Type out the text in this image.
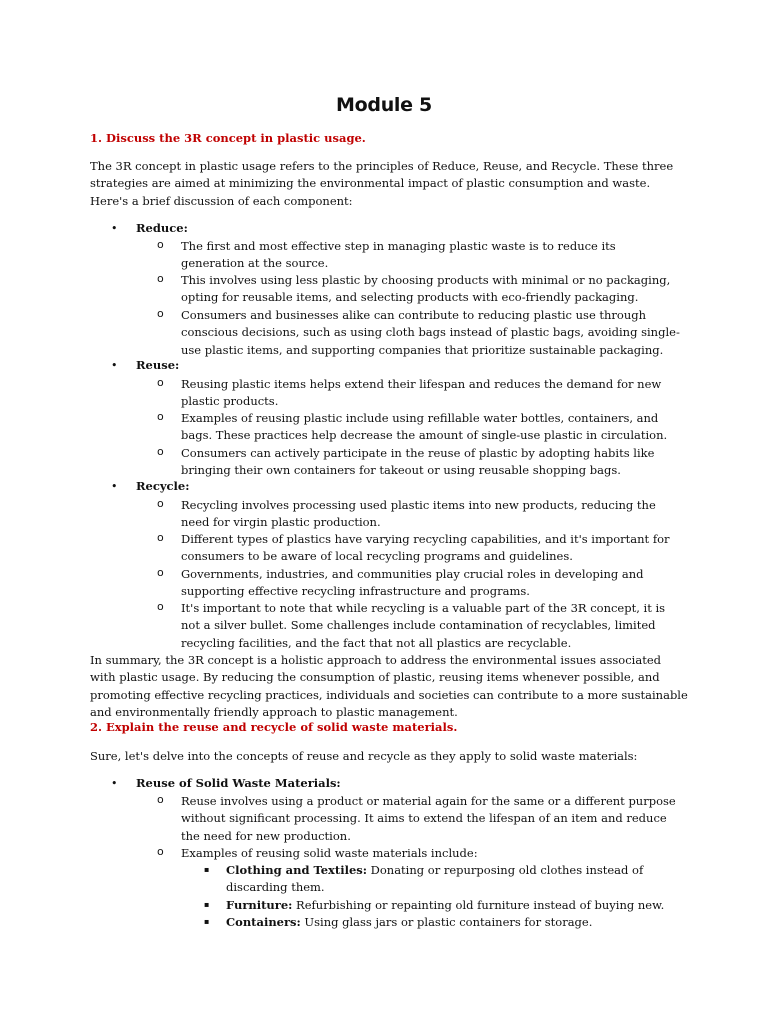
Module 5

1. Discuss the 3R concept in plastic usage.

The 3R concept in plastic usage refers to the principles of Reduce, Reuse, and Recycle. These three strategies are aimed at minimizing the environmental impact of plastic consumption and waste. Here's a brief discussion of each component:

• Reduce:

o The first and most effective step in managing plastic waste is to reduce its generation at the source.

o This involves using less plastic by choosing products with minimal or no packaging, opting for reusable items, and selecting products with eco-friendly packaging.

o Consumers and businesses alike can contribute to reducing plastic use through conscious decisions, such as using cloth bags instead of plastic bags, avoiding single-use plastic items, and supporting companies that prioritize sustainable packaging.

• Reuse:

o Reusing plastic items helps extend their lifespan and reduces the demand for new plastic products.

o Examples of reusing plastic include using refillable water bottles, containers, and bags. These practices help decrease the amount of single-use plastic in circulation.

o Consumers can actively participate in the reuse of plastic by adopting habits like bringing their own containers for takeout or using reusable shopping bags.

• Recycle:

o Recycling involves processing used plastic items into new products, reducing the need for virgin plastic production.

o Different types of plastics have varying recycling capabilities, and it's important for consumers to be aware of local recycling programs and guidelines.

o Governments, industries, and communities play crucial roles in developing and supporting effective recycling infrastructure and programs.

o It's important to note that while recycling is a valuable part of the 3R concept, it is not a silver bullet. Some challenges include contamination of recyclables, limited recycling facilities, and the fact that not all plastics are recyclable.

In summary, the 3R concept is a holistic approach to address the environmental issues associated with plastic usage. By reducing the consumption of plastic, reusing items whenever possible, and promoting effective recycling practices, individuals and societies can contribute to a more sustainable and environmentally friendly approach to plastic management.

2. Explain the reuse and recycle of solid waste materials.

Sure, let's delve into the concepts of reuse and recycle as they apply to solid waste materials:

• Reuse of Solid Waste Materials:

o Reuse involves using a product or material again for the same or a different purpose without significant processing. It aims to extend the lifespan of an item and reduce the need for new production.

o Examples of reusing solid waste materials include:

▪ Clothing and Textiles: Donating or repurposing old clothes instead of discarding them.

▪ Furniture: Refurbishing or repainting old furniture instead of buying new.

▪ Containers: Using glass jars or plastic containers for storage.
